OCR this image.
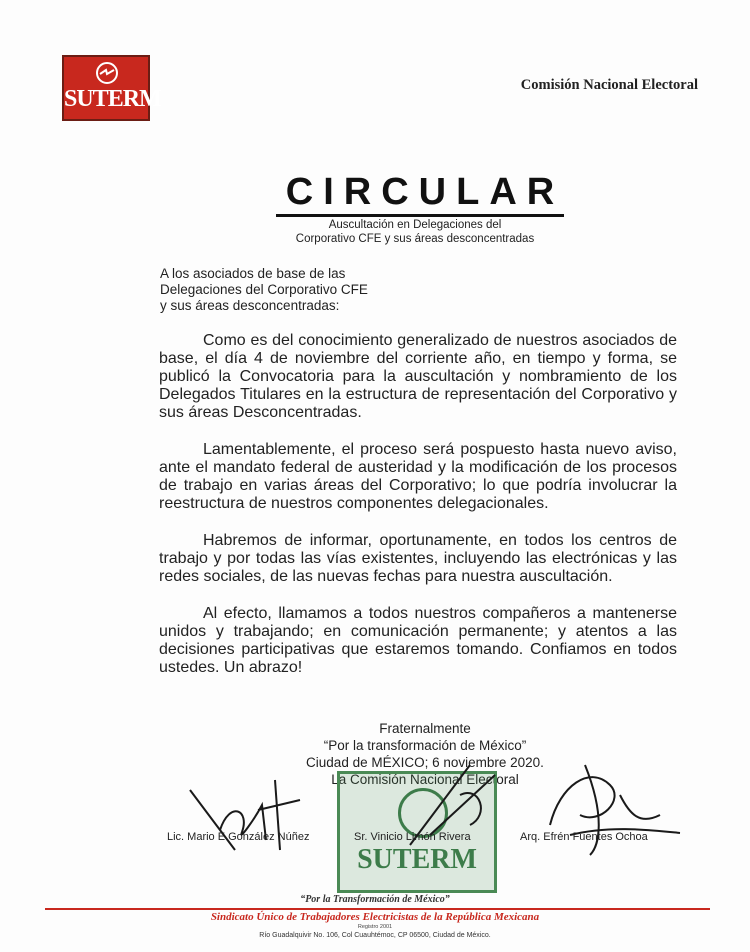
SUTERM
Comisión Nacional Electoral
CIRCULAR
Auscultación en Delegaciones del
Corporativo CFE y sus áreas desconcentradas
A los asociados de base de las
Delegaciones del Corporativo CFE
y sus áreas desconcentradas:

Como es del conocimiento generalizado de nuestros asociados de base, el día 4 de noviembre del corriente año, en tiempo y forma, se publicó la Convocatoria para la auscultación y nombramiento de los Delegados Titulares en la estructura de representación del Corporativo y sus áreas Desconcentradas.

Lamentablemente, el proceso será pospuesto hasta nuevo aviso, ante el mandato federal de austeridad y la modificación de los procesos de trabajo en varias áreas del Corporativo; lo que podría involucrar la reestructura de nuestros componentes delegacionales.

Habremos de informar, oportunamente, en todos los centros de trabajo y por todas las vías existentes, incluyendo las electrónicas y las redes sociales, de las nuevas fechas para nuestra auscultación.

Al efecto, llamamos a todos nuestros compañeros a mantenerse unidos y trabajando; en comunicación permanente; y atentos a las decisiones participativas que estaremos tomando. Confiamos en todos ustedes. Un abrazo!

Fraternalmente
“Por la transformación de México”
Ciudad de MÉXICO; 6 noviembre 2020.
La Comisión Nacional Electoral
SUTERM
Lic. Mario E.González Núñez	Sr. Vinicio Limón Rivera	Arq. Efrén Fuentes Ochoa
“Por la Transformación de México”
Sindicato Único de Trabajadores Electricistas de la República Mexicana
Registro 2001
Río Guadalquivir No. 106, Col Cuauhtémoc, CP 06500, Ciudad de México.
